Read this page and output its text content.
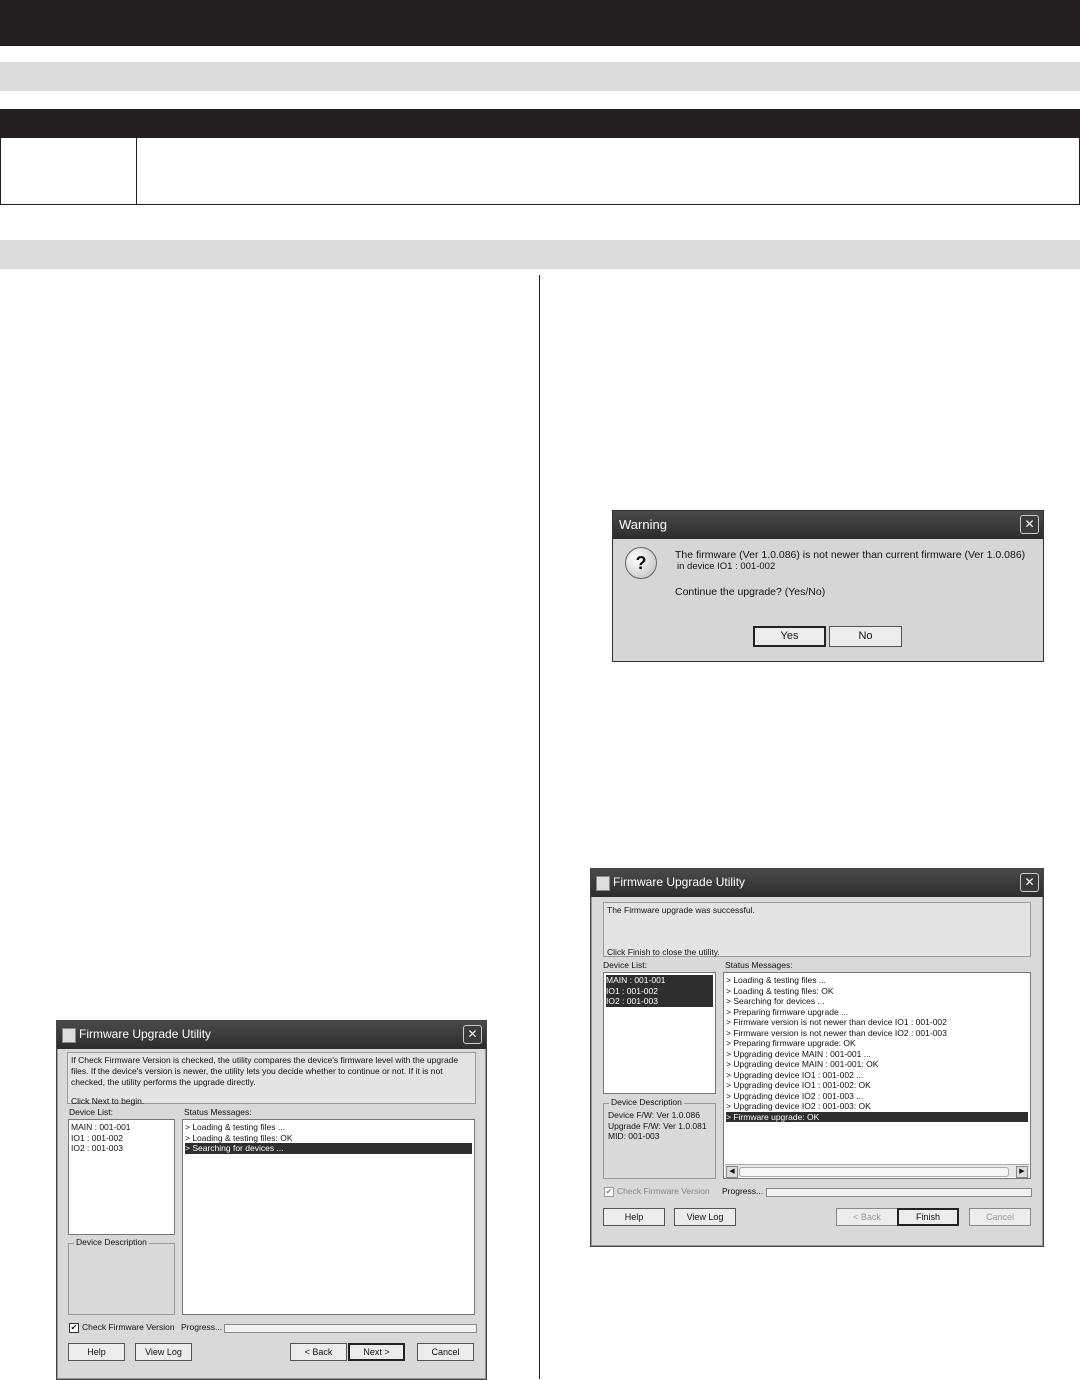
Firmware Upgrade Utility	✕
If Check Firmware Version is checked, the utility compares the device's firmware level with the upgrade
files. If the device's version is newer, the utility lets you decide whether to continue or not. If it is not
checked, the utility performs the upgrade directly.
Click Next to begin.
Device List:	Status Messages:
MAIN : 001-001
IO1 : 001-002
IO2 : 001-003
> Loading & testing files ...
> Loading & testing files: OK
> Searching for devices ...
Device Description
✔ Check Firmware Version Progress...
Help	View Log	< Back	Next >	Cancel
Warning	✕
?	The firmware (Ver 1.0.086) is not newer than current firmware (Ver 1.0.086)
in device IO1 : 001-002
Continue the upgrade? (Yes/No)
Yes	No
Firmware Upgrade Utility	✕
The Firmware upgrade was successful.
Click Finish to close the utility.
Device List:	Status Messages:
MAIN : 001-001
IO1 : 001-002
IO2 : 001-003
> Loading & testing files ...
> Loading & testing files: OK
> Searching for devices ...
> Preparing firmware upgrade ...
> Firmware version is not newer than device IO1 : 001-002
> Firmware version is not newer than device IO2 : 001-003
> Preparing firmware upgrade: OK
> Upgrading device MAIN : 001-001 ...
> Upgrading device MAIN : 001-001: OK
> Upgrading device IO1 : 001-002 ...
> Upgrading device IO1 : 001-002: OK
> Upgrading device IO2 : 001-003 ...
> Upgrading device IO2 : 001-003: OK
> Firmware upgrade: OK
◀	▶
Device Description
Device F/W: Ver 1.0.086
Upgrade F/W: Ver 1.0.081
MID: 001-003
✔ Check Firmware Version Progress...
Help	View Log	< Back	Finish	Cancel
